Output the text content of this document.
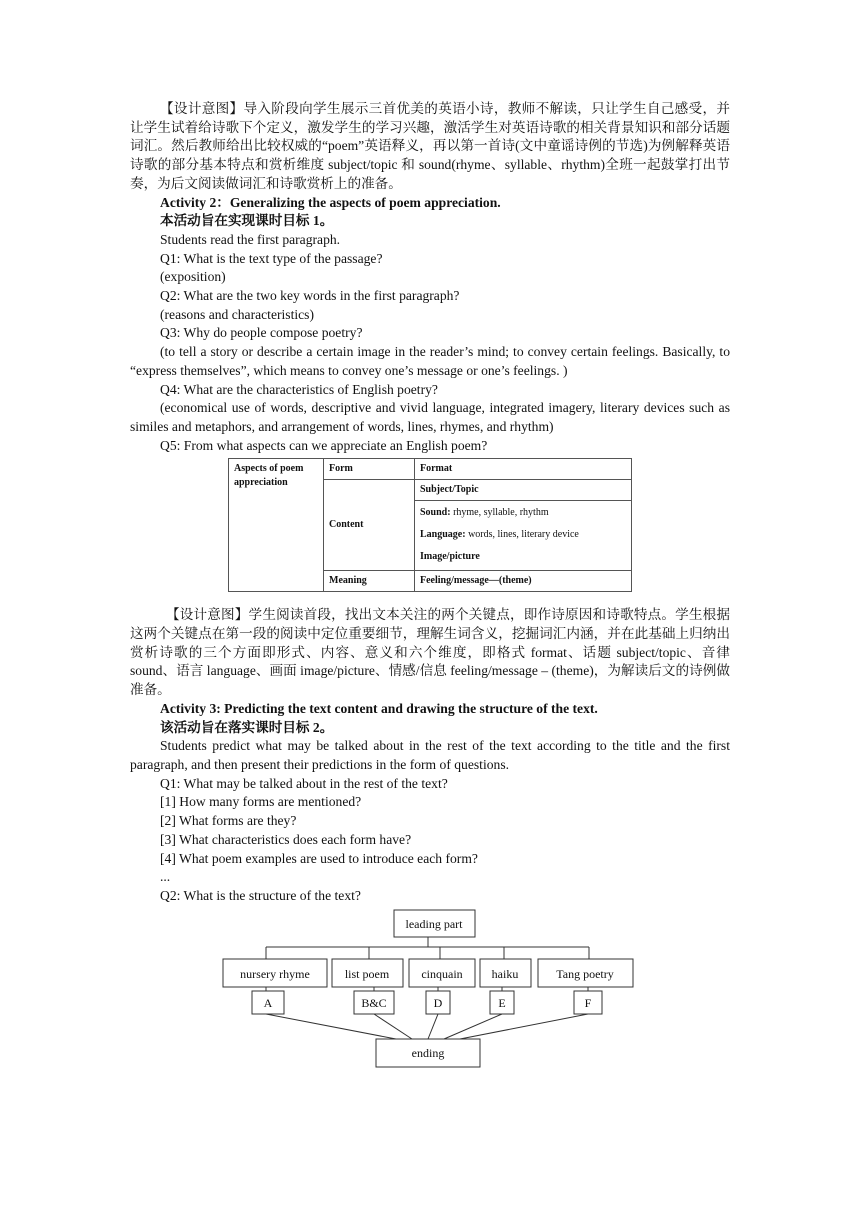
【设计意图】导入阶段向学生展示三首优美的英语小诗，教师不解读，只让学生自己感受，并让学生试着给诗歌下个定义，激发学生的学习兴趣，激活学生对英语诗歌的相关背景知识和部分话题词汇。然后教师给出比较权威的“poem”英语释义，再以第一首诗(文中童谣诗例的节选)为例解释英语诗歌的部分基本特点和赏析维度 subject/topic 和 sound(rhyme、syllable、rhythm)全班一起鼓掌打出节奏，为后文阅读做词汇和诗歌赏析上的准备。

Activity 2：Generalizing the aspects of poem appreciation.

本活动旨在实现课时目标 1。

Students read the first paragraph.

Q1: What is the text type of the passage?

(exposition)

Q2: What are the two key words in the first paragraph?

(reasons and characteristics)

Q3: Why do people compose poetry?

(to tell a story or describe a certain image in the reader’s mind; to convey certain feelings. Basically, to “express themselves”, which means to convey one’s message or one’s feelings. )

Q4: What are the characteristics of English poetry?

(economical use of words, descriptive and vivid language, integrated imagery, literary devices such as similes and metaphors, and arrangement of words, lines, rhymes, and rhythm)

Q5: From what aspects can we appreciate an English poem?

Aspects of poem appreciation	Form	Format
	Content	Subject/Topic
		Sound: rhyme, syllable, rhythm
		Language: words, lines, literary device
		Image/picture
	Meaning	Feeling/message—(theme)

【设计意图】学生阅读首段，找出文本关注的两个关键点，即作诗原因和诗歌特点。学生根据这两个关键点在第一段的阅读中定位重要细节，理解生词含义，挖掘词汇内涵，并在此基础上归纳出赏析诗歌的三个方面即形式、内容、意义和六个维度，即格式 format、话题 subject/topic、音律 sound、语言 language、画面 image/picture、情感/信息 feeling/message – (theme)，为解读后文的诗例做准备。

Activity 3: Predicting the text content and drawing the structure of the text.

该活动旨在落实课时目标 2。

Students predict what may be talked about in the rest of the text according to the title and the first paragraph, and then present their predictions in the form of questions.

Q1: What may be talked about in the rest of the text?

[1] How many forms are mentioned?

[2] What forms are they?

[3] What characteristics does each form have?

[4] What poem examples are used to introduce each form?

...

Q2: What is the structure of the text?

leading part
nursery rhyme	list poem	cinquain haiku	Tang poetry
A	B&C	D	E	F
ending
